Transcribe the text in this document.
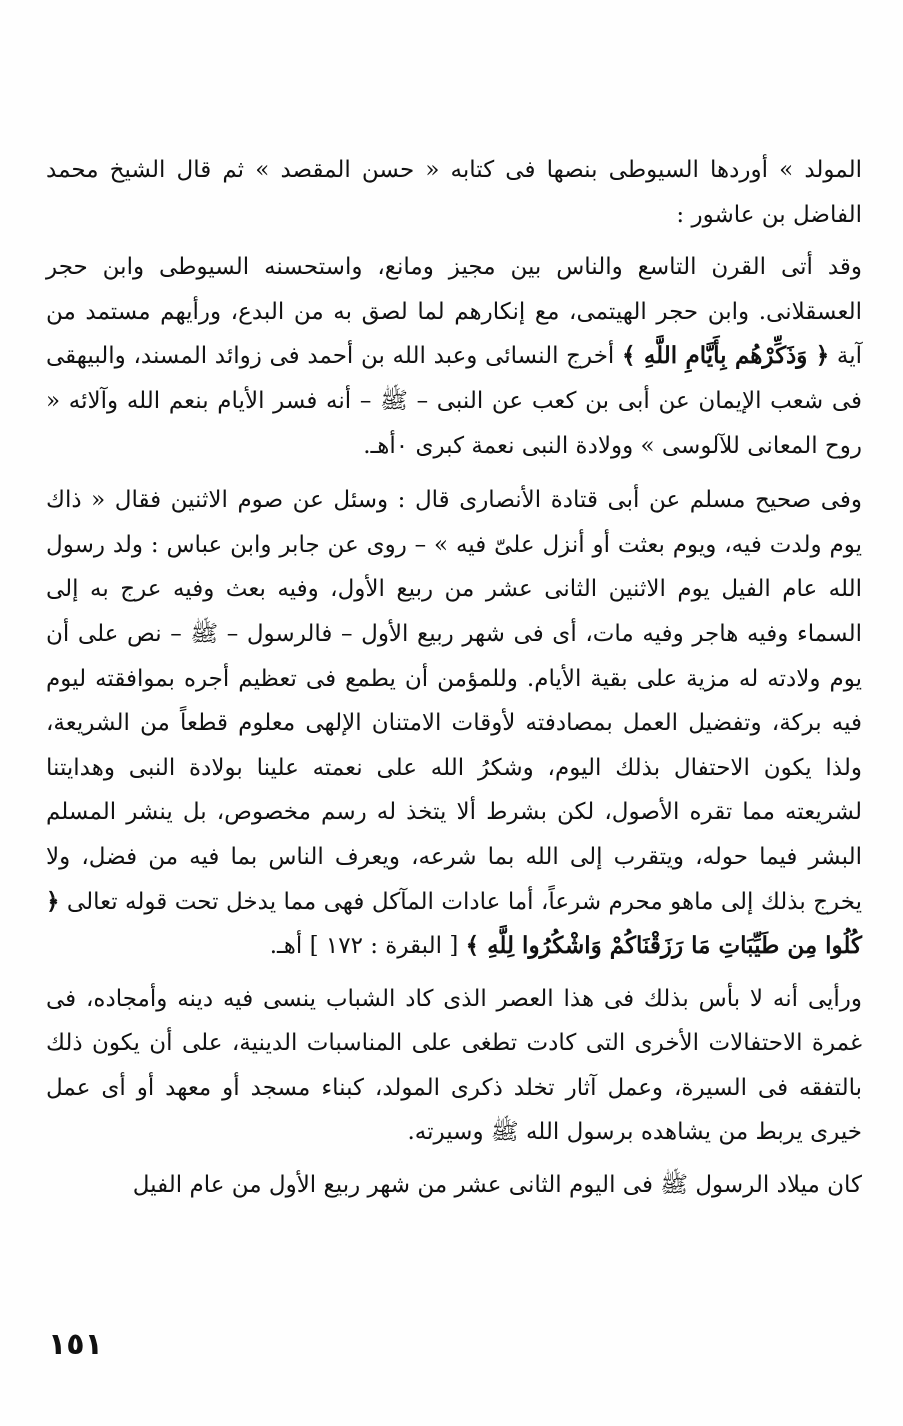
المولد » أوردها السيوطى بنصها فى كتابه « حسن المقصد » ثم قال الشيخ محمد الفاضل بن عاشور :

وقد أتى القرن التاسع والناس بين مجيز ومانع، واستحسنه السيوطى وابن حجر العسقلانى. وابن حجر الهيتمى، مع إنكارهم لما لصق به من البدع، ورأيهم مستمد من آية ﴿ وَذَكِّرْهُم بِأَيَّامِ اللَّهِ ﴾ أخرج النسائى وعبد الله بن أحمد فى زوائد المسند، والبيهقى فى شعب الإيمان عن أبى بن كعب عن النبى – ﷺ – أنه فسر الأيام بنعم الله وآلائه « روح المعانى للآلوسى » وولادة النبى نعمة كبرى ٠أهـ.

وفى صحيح مسلم عن أبى قتادة الأنصارى قال : وسئل عن صوم الاثنين فقال « ذاك يوم ولدت فيه، ويوم بعثت أو أنزل علىّ فيه » – روى عن جابر وابن عباس : ولد رسول الله عام الفيل يوم الاثنين الثانى عشر من ربيع الأول، وفيه بعث وفيه عرج به إلى السماء وفيه هاجر وفيه مات، أى فى شهر ربيع الأول – فالرسول – ﷺ – نص على أن يوم ولادته له مزية على بقية الأيام. وللمؤمن أن يطمع فى تعظيم أجره بموافقته ليوم فيه بركة، وتفضيل العمل بمصادفته لأوقات الامتنان الإلهى معلوم قطعاً من الشريعة، ولذا يكون الاحتفال بذلك اليوم، وشكرُ الله على نعمته علينا بولادة النبى وهدايتنا لشريعته مما تقره الأصول، لكن بشرط ألا يتخذ له رسم مخصوص، بل ينشر المسلم البشر فيما حوله، ويتقرب إلى الله بما شرعه، ويعرف الناس بما فيه من فضل، ولا يخرج بذلك إلى ماهو محرم شرعاً، أما عادات المآكل فهى مما يدخل تحت قوله تعالى ﴿ كُلُوا مِن طَيِّبَاتِ مَا رَزَقْنَاكُمْ وَاشْكُرُوا لِلَّهِ ﴾ [ البقرة : ١٧٢ ] أهـ.

ورأيى أنه لا بأس بذلك فى هذا العصر الذى كاد الشباب ينسى فيه دينه وأمجاده، فى غمرة الاحتفالات الأخرى التى كادت تطغى على المناسبات الدينية، على أن يكون ذلك بالتفقه فى السيرة، وعمل آثار تخلد ذكرى المولد، كبناء مسجد أو معهد أو أى عمل خيرى يربط من يشاهده برسول الله ﷺ وسيرته.

كان ميلاد الرسول ﷺ فى اليوم الثانى عشر من شهر ربيع الأول من عام الفيل

١٥١
